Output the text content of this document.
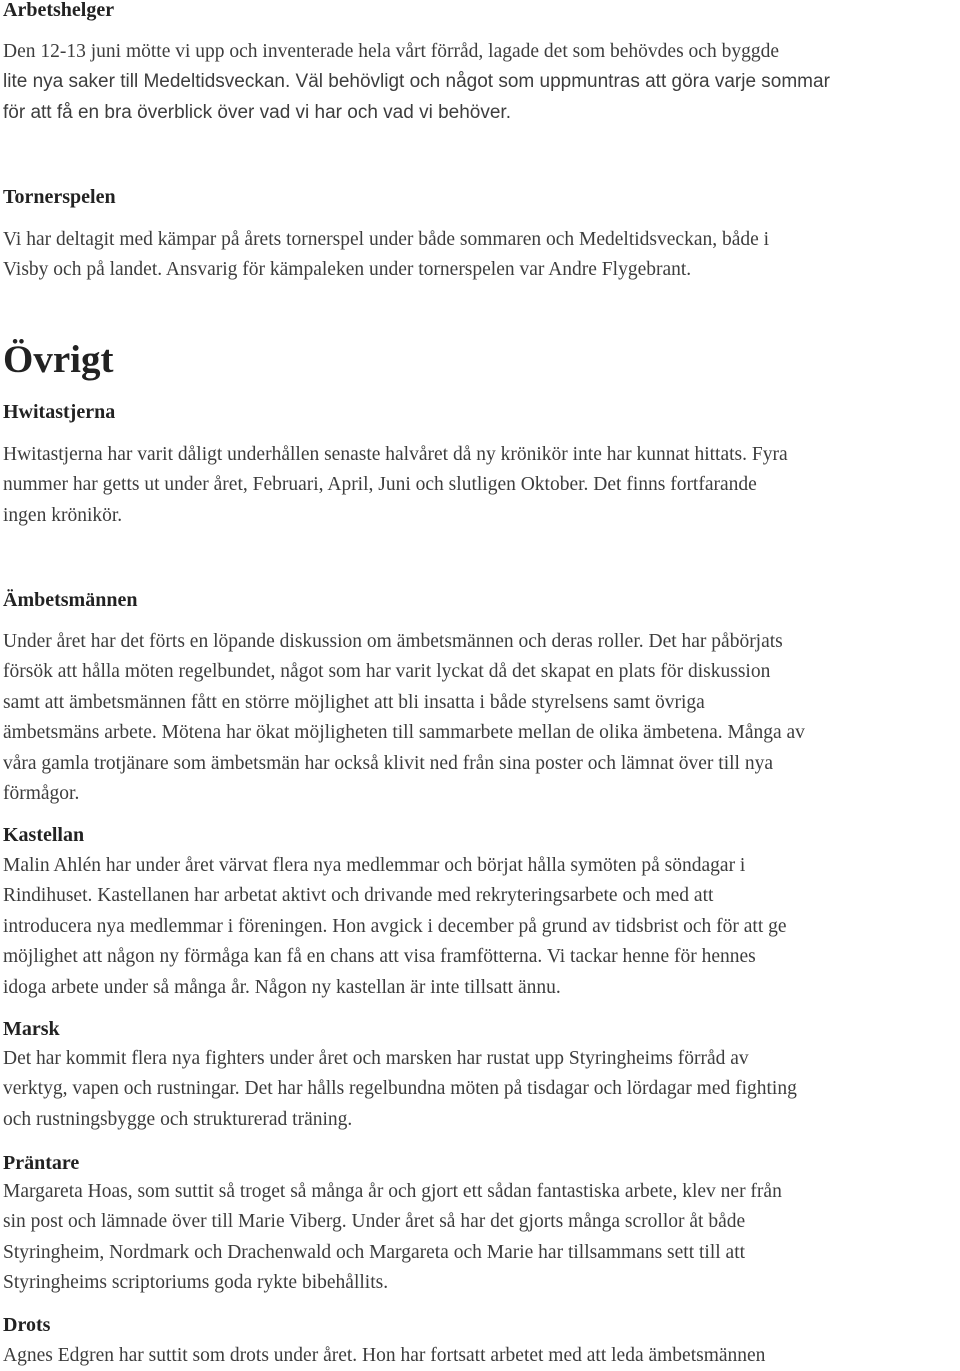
Arbetshelger
Den 12-13 juni mötte vi upp och inventerade hela vårt förråd, lagade det som behövdes och byggde
lite nya saker till Medeltidsveckan. Väl behövligt och något som uppmuntras att göra varje sommar
för att få en bra överblick över vad vi har och vad vi behöver.
Tornerspelen
Vi har deltagit med kämpar på årets tornerspel under både sommaren och Medeltidsveckan, både i
Visby och på landet. Ansvarig för kämpaleken under tornerspelen var Andre Flygebrant.
Övrigt
Hwitastjerna
Hwitastjerna har varit dåligt underhållen senaste halvåret då ny krönikör inte har kunnat hittats. Fyra
nummer har getts ut under året, Februari, April, Juni och slutligen Oktober. Det finns fortfarande
ingen krönikör.
Ämbetsmännen
Under året har det förts en löpande diskussion om ämbetsmännen och deras roller. Det har påbörjats
försök att hålla möten regelbundet, något som har varit lyckat då det skapat en plats för diskussion
samt att ämbetsmännen fått en större möjlighet att bli insatta i både styrelsens samt övriga
ämbetsmäns arbete. Mötena har ökat möjligheten till sammarbete mellan de olika ämbetena. Många av
våra gamla trotjänare som ämbetsmän har också klivit ned från sina poster och lämnat över till nya
förmågor.
Kastellan
Malin Ahlén har under året värvat flera nya medlemmar och börjat hålla symöten på söndagar i
Rindihuset. Kastellanen har arbetat aktivt och drivande med rekryteringsarbete och med att
introducera nya medlemmar i föreningen. Hon avgick i december på grund av tidsbrist och för att ge
möjlighet att någon ny förmåga kan få en chans att visa framfötterna. Vi tackar henne för hennes
idoga arbete under så många år. Någon ny kastellan är inte tillsatt ännu.
Marsk
Det har kommit flera nya fighters under året och marsken har rustat upp Styringheims förråd av
verktyg, vapen och rustningar. Det har hålls regelbundna möten på tisdagar och lördagar med fighting
och rustningsbygge och strukturerad träning.
Präntare
Margareta Hoas, som suttit så troget så många år och gjort ett sådan fantastiska arbete, klev ner från
sin post och lämnade över till Marie Viberg. Under året så har det gjorts många scrollor åt både
Styringheim, Nordmark och Drachenwald och Margareta och Marie har tillsammans sett till att
Styringheims scriptoriums goda rykte bibehållits.
Drots
Agnes Edgren har suttit som drots under året. Hon har fortsatt arbetet med att leda ämbetsmännen
